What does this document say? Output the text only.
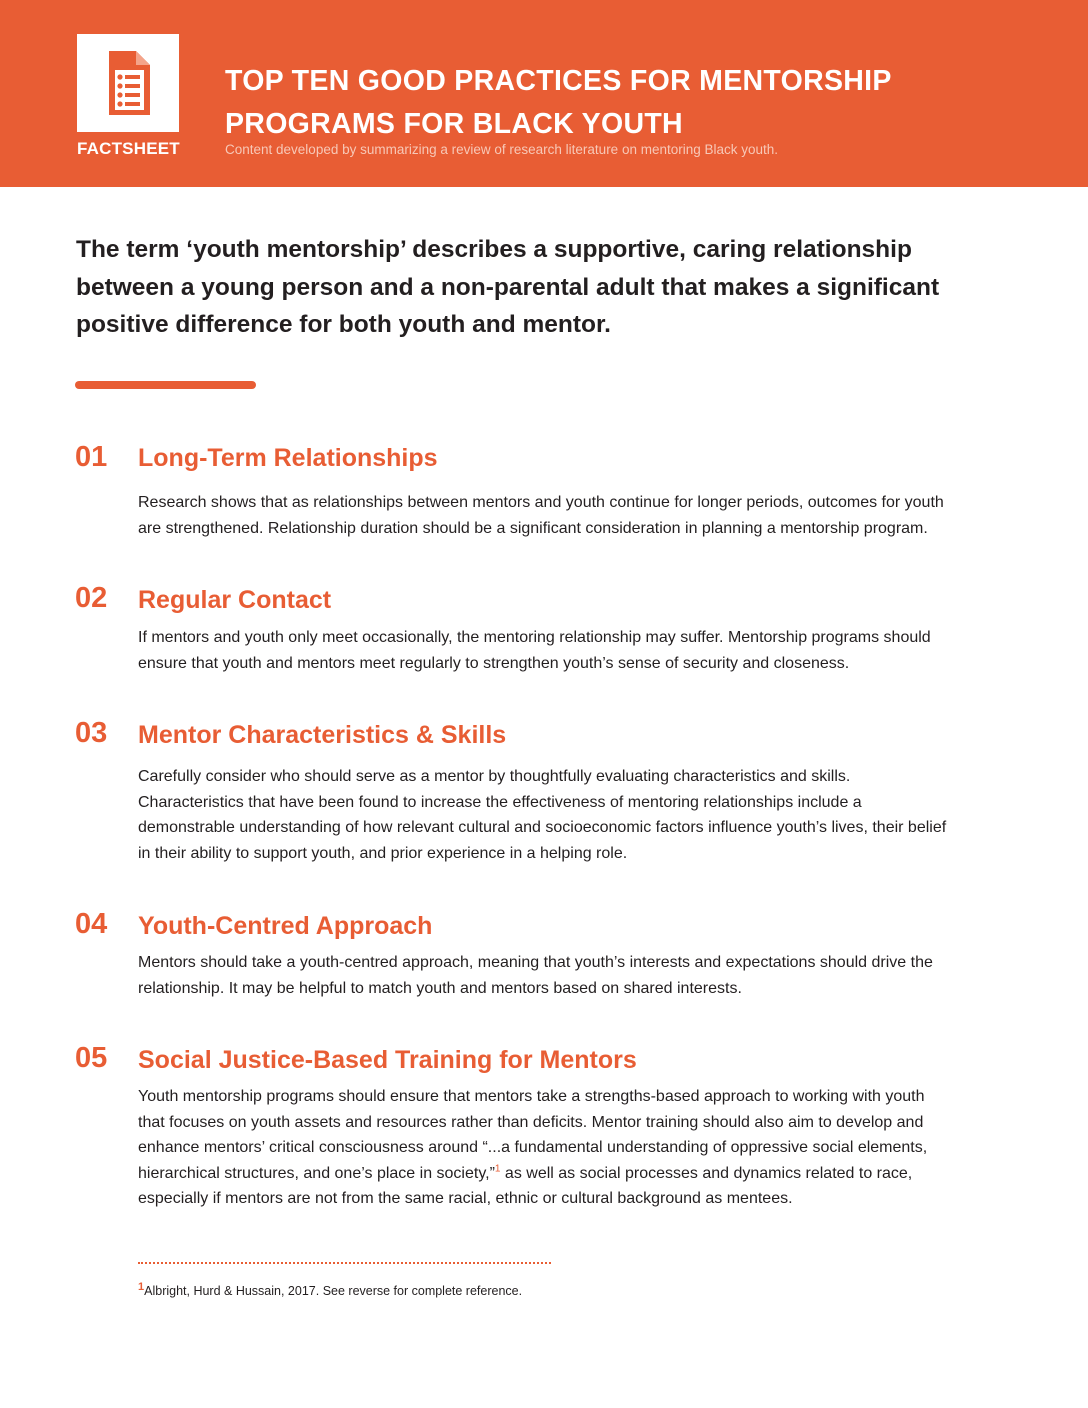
FACTSHEET
TOP TEN GOOD PRACTICES FOR MENTORSHIP
PROGRAMS FOR BLACK YOUTH
Content developed by summarizing a review of research literature on mentoring Black youth.

The term ‘youth mentorship’ describes a supportive, caring relationship between a young person and a non-parental adult that makes a significant positive difference for both youth and mentor.

01 Long-Term Relationships

Research shows that as relationships between mentors and youth continue for longer periods, outcomes for youth
are strengthened. Relationship duration should be a significant consideration in planning a mentorship program.

02 Regular Contact

If mentors and youth only meet occasionally, the mentoring relationship may suffer. Mentorship programs should
ensure that youth and mentors meet regularly to strengthen youth’s sense of security and closeness.

03 Mentor Characteristics & Skills

Carefully consider who should serve as a mentor by thoughtfully evaluating characteristics and skills.
Characteristics that have been found to increase the effectiveness of mentoring relationships include a
demonstrable understanding of how relevant cultural and socioeconomic factors influence youth’s lives, their belief
in their ability to support youth, and prior experience in a helping role.

04 Youth-Centred Approach

Mentors should take a youth-centred approach, meaning that youth’s interests and expectations should drive the
relationship. It may be helpful to match youth and mentors based on shared interests.

05 Social Justice-Based Training for Mentors

Youth mentorship programs should ensure that mentors take a strengths-based approach to working with youth
that focuses on youth assets and resources rather than deficits. Mentor training should also aim to develop and
enhance mentors’ critical consciousness around “...a fundamental understanding of oppressive social elements,
hierarchical structures, and one’s place in society,”$^1$ as well as social processes and dynamics related to race,
especially if mentors are not from the same racial, ethnic or cultural background as mentees.

1Albright, Hurd & Hussain, 2017. See reverse for complete reference.
